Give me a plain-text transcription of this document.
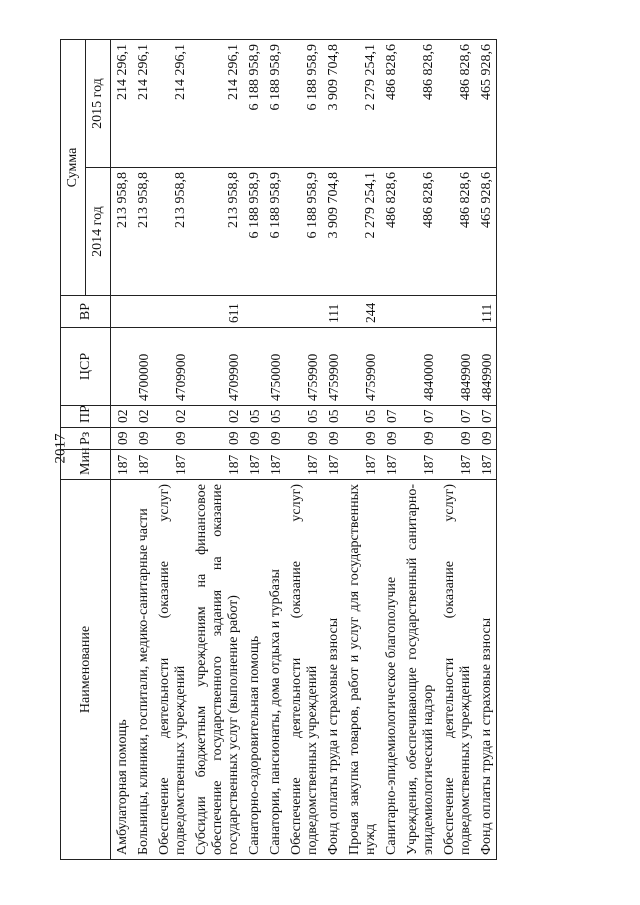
2017
Наименование	Мин	Рз	ПР	ЦСР	ВР	Сумма	
						2014 год	2015 год
Амбулаторная помощь	187	09	02			213 958,8	214 296,1
Больницы, клиники, госпитали, медико-санитарные части	187	09	02	4700000		213 958,8	214 296,1
Обеспечение деятельности (оказание услуг) подведомственных учреждений	187	09	02	4709900		213 958,8	214 296,1
Субсидии бюджетным учреждениям на финансовое обеспечение государственного задания на оказание государственных услуг (выполнение работ)	187	09	02	4709900	611	213 958,8	214 296,1
Санаторно-оздоровительная помощь	187	09	05			6 188 958,9	6 188 958,9
Санатории, пансионаты, дома отдыха и турбазы	187	09	05	4750000		6 188 958,9	6 188 958,9
Обеспечение деятельности (оказание услуг) подведомственных учреждений	187	09	05	4759900		6 188 958,9	6 188 958,9
Фонд оплаты труда и страховые взносы	187	09	05	4759900	111	3 909 704,8	3 909 704,8
Прочая закупка товаров, работ и услуг для государственных нужд	187	09	05	4759900	244	2 279 254,1	2 279 254,1
Санитарно-эпидемиологическое благополучие	187	09	07			486 828,6	486 828,6
Учреждения, обеспечивающие государственный санитарно-эпидемиологический надзор	187	09	07	4840000		486 828,6	486 828,6
Обеспечение деятельности (оказание услуг) подведомственных учреждений	187	09	07	4849900		486 828,6	486 828,6
Фонд оплаты труда и страховые взносы	187	09	07	4849900	111	465 928,6	465 928,6
